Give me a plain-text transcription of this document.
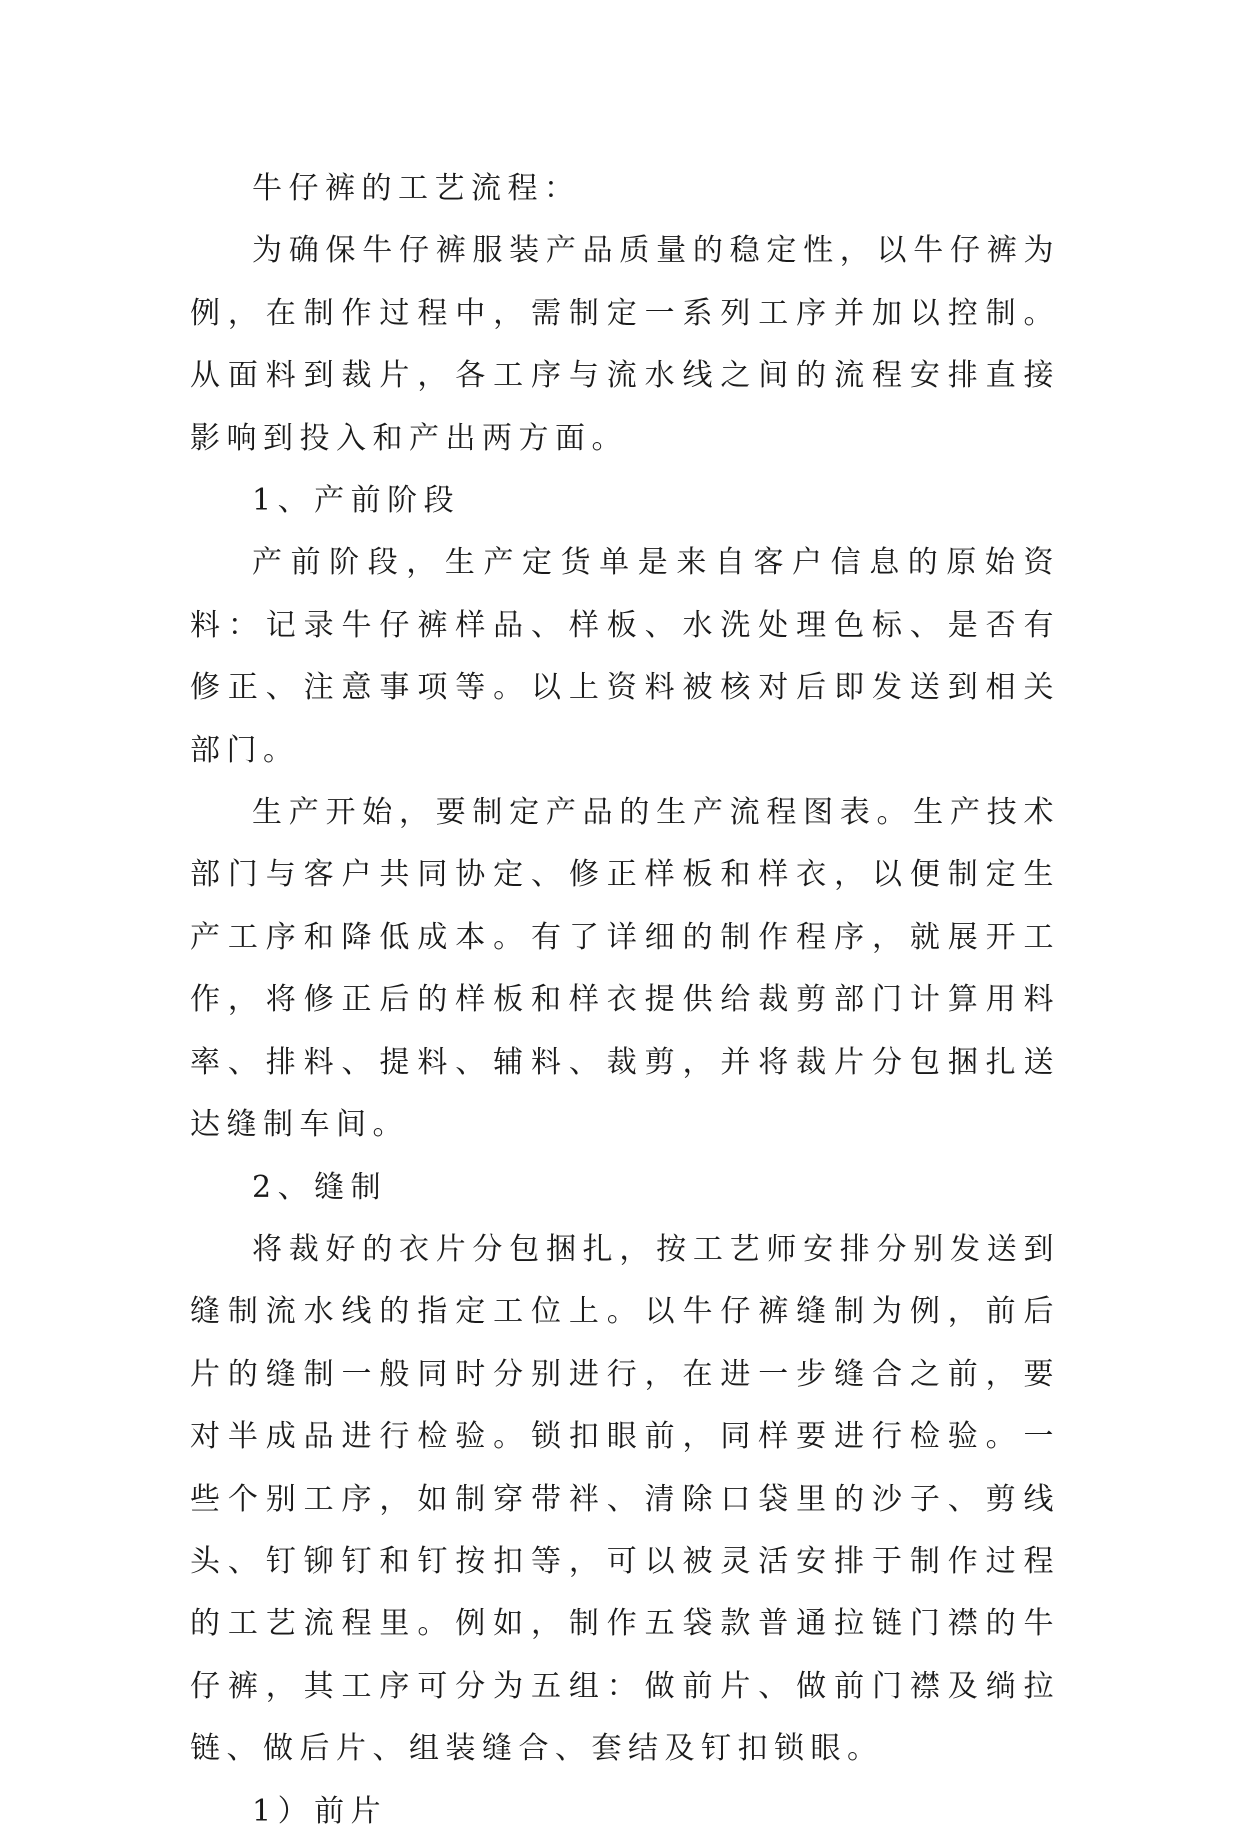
牛仔裤的工艺流程：

为确保牛仔裤服装产品质量的稳定性，以牛仔裤为例，在制作过程中，需制定一系列工序并加以控制。从面料到裁片，各工序与流水线之间的流程安排直接影响到投入和产出两方面。

1、产前阶段

产前阶段，生产定货单是来自客户信息的原始资料：记录牛仔裤样品、样板、水洗处理色标、是否有修正、注意事项等。以上资料被核对后即发送到相关部门。

生产开始，要制定产品的生产流程图表。生产技术部门与客户共同协定、修正样板和样衣，以便制定生产工序和降低成本。有了详细的制作程序，就展开工作，将修正后的样板和样衣提供给裁剪部门计算用料率、排料、提料、辅料、裁剪，并将裁片分包捆扎送达缝制车间。

2、缝制

将裁好的衣片分包捆扎，按工艺师安排分别发送到缝制流水线的指定工位上。以牛仔裤缝制为例，前后片的缝制一般同时分别进行，在进一步缝合之前，要对半成品进行检验。锁扣眼前，同样要进行检验。一些个别工序，如制穿带袢、清除口袋里的沙子、剪线头、钉铆钉和钉按扣等，可以被灵活安排于制作过程的工艺流程里。例如，制作五袋款普通拉链门襟的牛仔裤，其工序可分为五组：做前片、做前门襟及绱拉链、做后片、组装缝合、套结及钉扣锁眼。

1）前片
